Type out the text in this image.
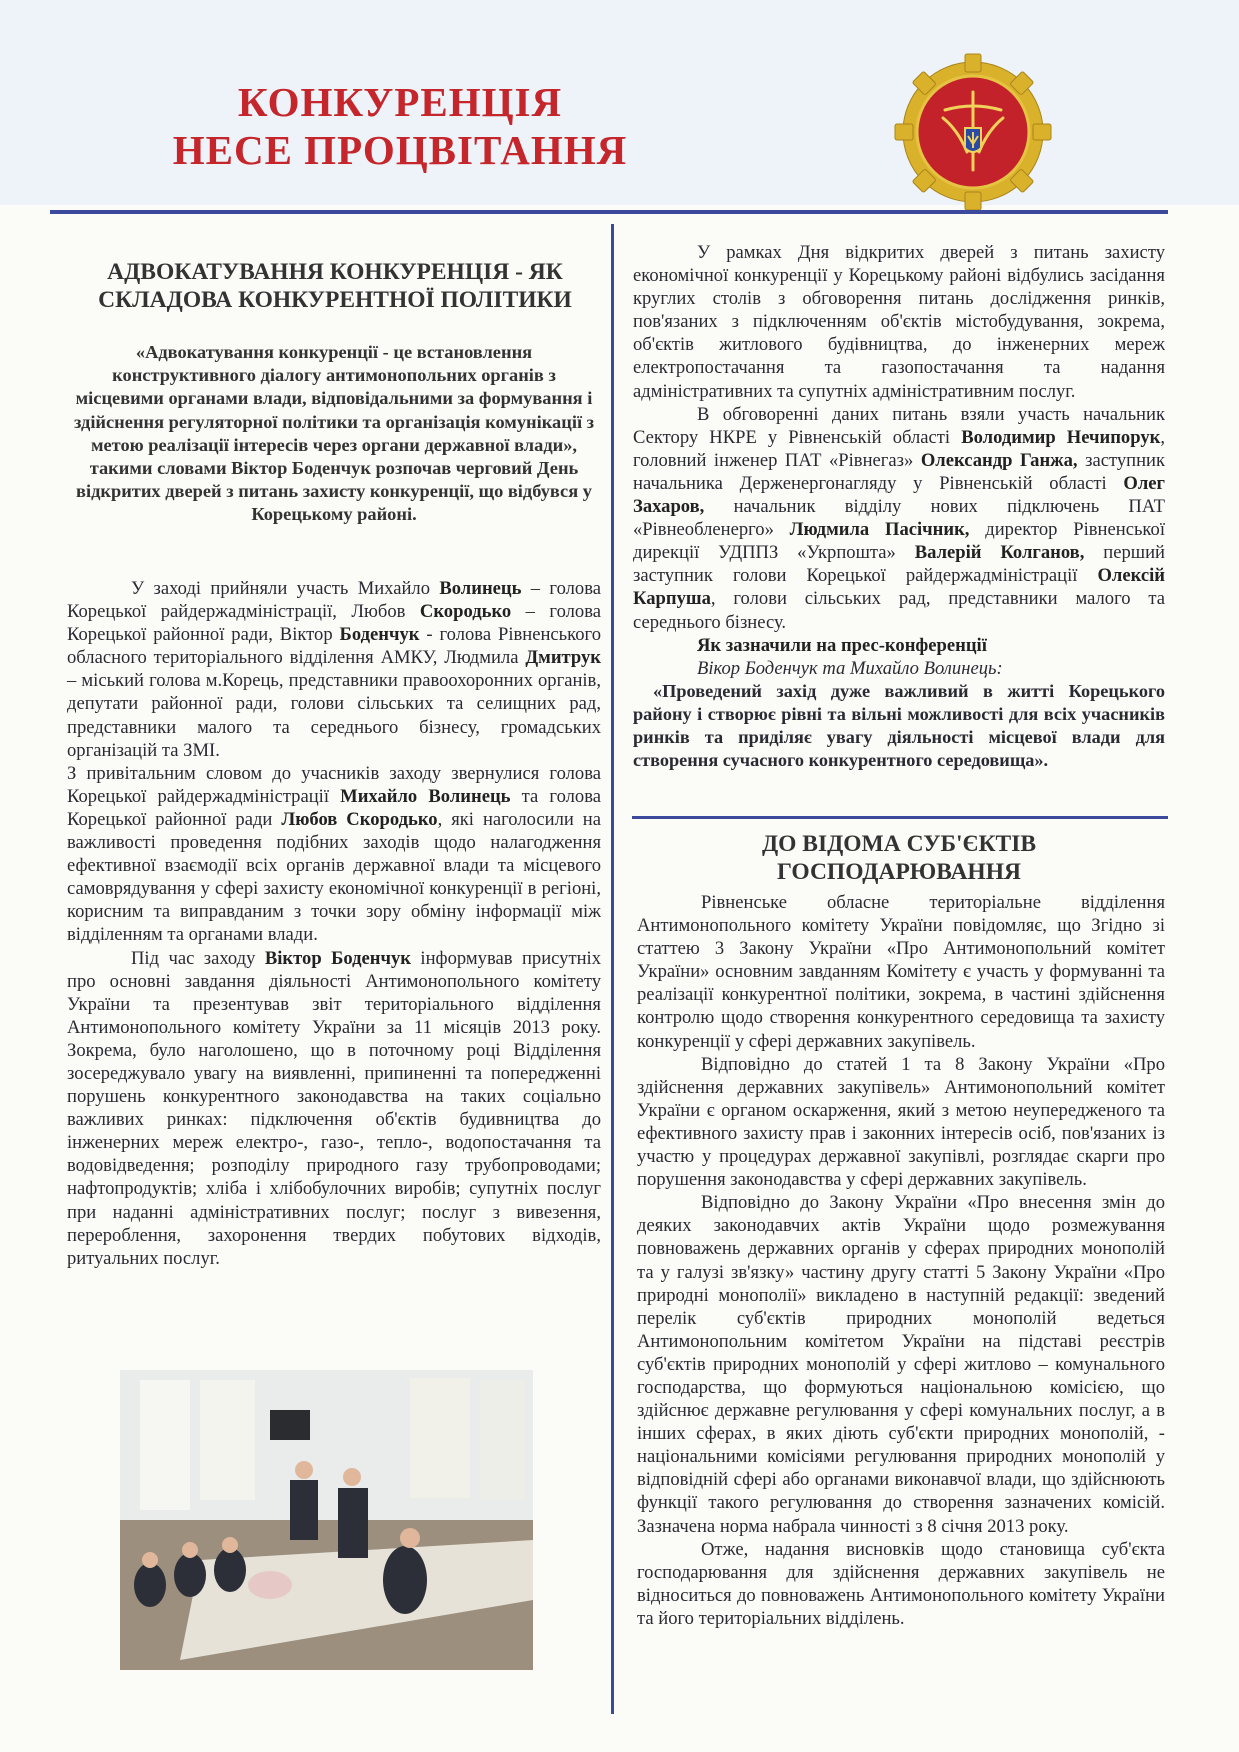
КОНКУРЕНЦІЯ
НЕСЕ ПРОЦВІТАННЯ
АДВОКАТУВАННЯ КОНКУРЕНЦІЯ - ЯК
СКЛАДОВА КОНКУРЕНТНОЇ ПОЛІТИКИ
«Адвокатування конкуренції - це встановлення конструктивного діалогу антимонопольних органів з місцевими органами влади, відповідальними за формування і здійснення регуляторної політики та організація комунікації з метою реалізації інтересів через органи державної влади», такими словами Віктор Боденчук розпочав черговий День відкритих дверей з питань захисту конкуренції, що відбувся у Корецькому районі.

У заході прийняли участь Михайло Волинець – голова Корецької райдержадміністрації, Любов Скородько – голова Корецької районної ради, Віктор Боденчук - голова Рівненського обласного територіального відділення АМКУ, Людмила Дмитрук – міський голова м.Корець, представники правоохоронних органів, депутати районної ради, голови сільських та селищних рад, представники малого та середнього бізнесу, громадських організацій та ЗМІ.

З привітальним словом до учасників заходу звернулися голова Корецької райдержадміністрації Михайло Волинець та голова Корецької районної ради Любов Скородько, які наголосили на важливості проведення подібних заходів щодо налагодження ефективної взаємодії всіх органів державної влади та місцевого самоврядування у сфері захисту економічної конкуренції в регіоні, корисним та виправданим з точки зору обміну інформації між відділенням та органами влади.

Під час заходу Віктор Боденчук інформував присутніх про основні завдання діяльності Антимонопольного комітету України та презентував звіт територіального відділення Антимонопольного комітету України за 11 місяців 2013 року. Зокрема, було наголошено, що в поточному році Відділення зосереджувало увагу на виявленні, припиненні та попередженні порушень конкурентного законодавства на таких соціально важливих ринках: підключення об'єктів будивництва до інженерних мереж електро-, газо-, тепло-, водопостачання та водовідведення; розподілу природного газу трубопроводами; нафтопродуктів; хліба і хлібобулочних виробів; супутніх послуг при наданні адміністративних послуг; послуг з вивезення, перероблення, захоронення твердих побутових відходів, ритуальних послуг.

У рамках Дня відкритих дверей з питань захисту економічної конкуренції у Корецькому районі відбулись засідання круглих столів з обговорення питань дослідження ринків, пов'язаних з підключенням об'єктів містобудування, зокрема, об'єктів житлового будівництва, до інженерних мереж електропостачання та газопостачання та надання адміністративних та супутніх адміністративним послуг.

В обговоренні даних питань взяли участь начальник Сектору НКРЕ у Рівненській області Володимир Нечипорук, головний інженер ПАТ «Рівнегаз» Олександр Ганжа, заступник начальника Держенергонагляду у Рівненській області Олег Захаров, начальник відділу нових підключень ПАТ «Рівнеобленерго» Людмила Пасічник, директор Рівненської дирекції УДППЗ «Укрпошта» Валерій Колганов, перший заступник голови Корецької райдержадміністрації Олексій Карпуша, голови сільських рад, представники малого та середнього бізнесу.

Як зазначили на прес-конференції

Вікор Боденчук та Михайло Волинець:

«Проведений захід дуже важливий в житті Корецького району і створює рівні та вільні можливості для всіх учасників ринків та приділяє увагу діяльності місцевої влади для створення сучасного конкурентного середовища».

ДО ВІДОМА СУБ'ЄКТІВ
ГОСПОДАРЮВАННЯ

Рівненське обласне територіальне відділення Антимонопольного комітету України повідомляє, що Згідно зі статтею 3 Закону України «Про Антимонопольний комітет України» основним завданням Комітету є участь у формуванні та реалізації конкурентної політики, зокрема, в частині здійснення контролю щодо створення конкурентного середовища та захисту конкуренції у сфері державних закупівель.

Відповідно до статей 1 та 8 Закону України «Про здійснення державних закупівель» Антимонопольний комітет України є органом оскарження, який з метою неупередженого та ефективного захисту прав і законних інтересів осіб, пов'язаних із участю у процедурах державної закупівлі, розглядає скарги про порушення законодавства у сфері державних закупівель.

Відповідно до Закону України «Про внесення змін до деяких законодавчих актів України щодо розмежування повноважень державних органів у сферах природних монополій та у галузі зв'язку» частину другу статті 5 Закону України «Про природні монополії» викладено в наступній редакції: зведений перелік суб'єктів природних монополій ведеться Антимонопольним комітетом України на підставі реєстрів суб'єктів природних монополій у сфері житлово – комунального господарства, що формуються національною комісією, що здійснює державне регулювання у сфері комунальних послуг, а в інших сферах, в яких діють суб'єкти природних монополій, - національними комісіями регулювання природних монополій у відповідній сфері або органами виконавчої влади, що здійснюють функції такого регулювання до створення зазначених комісій. Зазначена норма набрала чинності з 8 січня 2013 року.

Отже, надання висновків щодо становища суб'єкта господарювання для здійснення державних закупівель не відноситься до повноважень Антимонопольного комітету України та його територіальних відділень.
